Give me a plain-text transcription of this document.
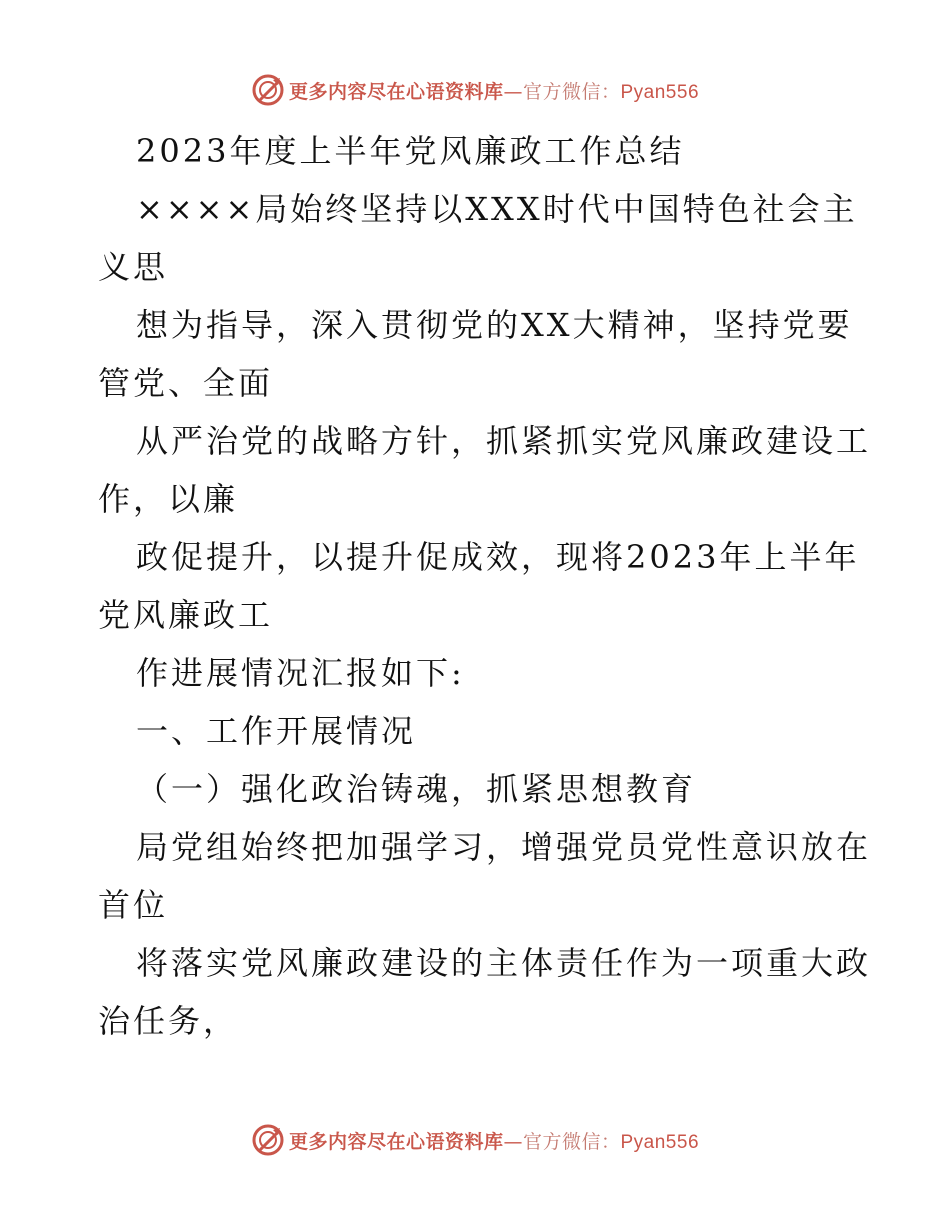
更多内容尽在心语资料库—官方微信：Pyan556
2023年度上半年党风廉政工作总结
××××局始终坚持以XXX时代中国特色社会主
义思
想为指导，深入贯彻党的XX大精神，坚持党要
管党、全面
从严治党的战略方针，抓紧抓实党风廉政建设工
作，以廉
政促提升，以提升促成效，现将2023年上半年
党风廉政工
作进展情况汇报如下:
一、工作开展情况
（一）强化政治铸魂，抓紧思想教育
局党组始终把加强学习，增强党员党性意识放在
首位
将落实党风廉政建设的主体责任作为一项重大政
治任务，
更多内容尽在心语资料库—官方微信：Pyan556
